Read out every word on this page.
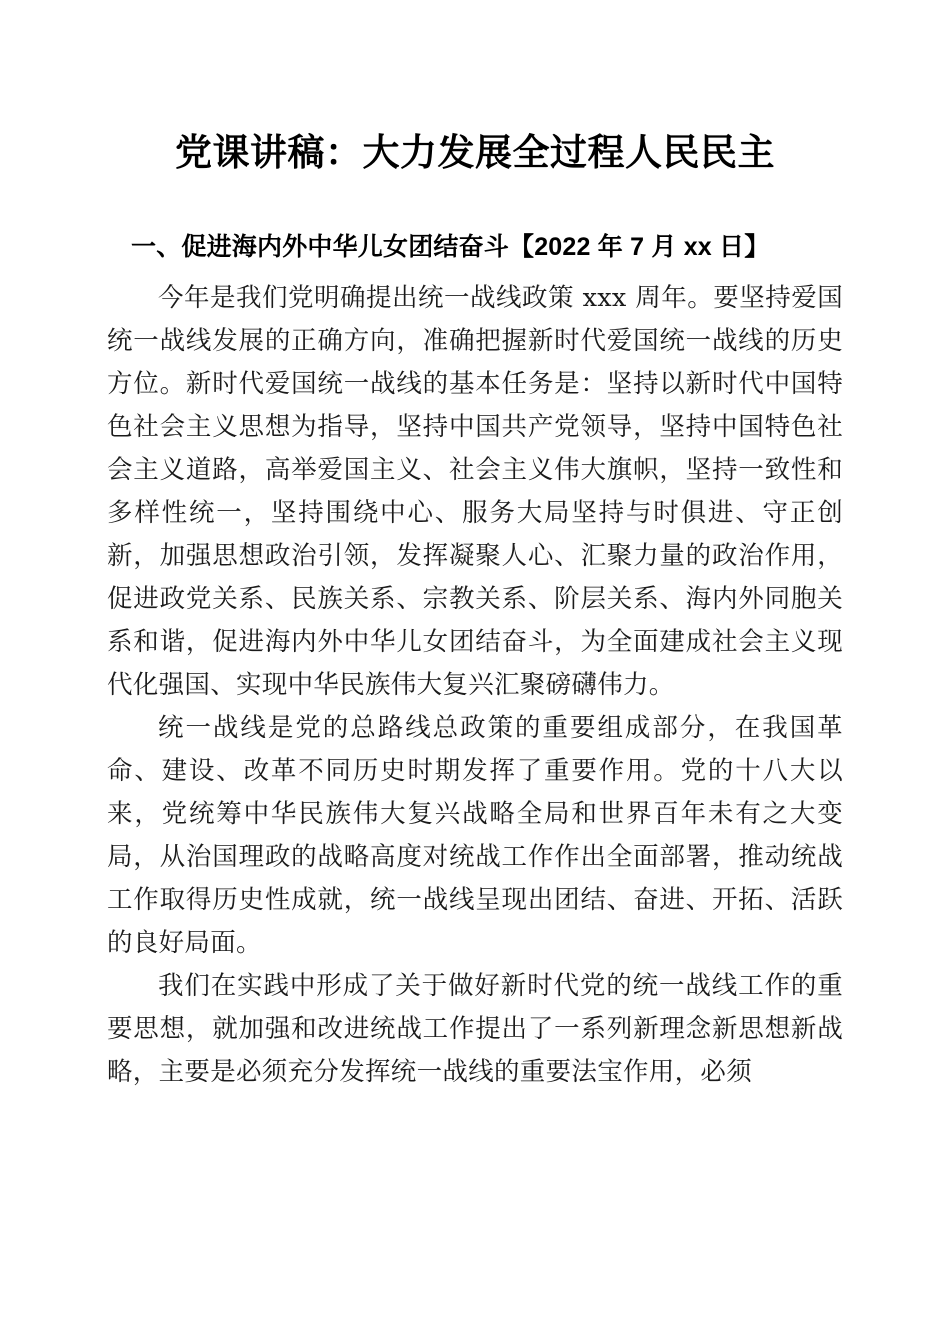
党课讲稿：大力发展全过程人民民主
一、促进海内外中华儿女团结奋斗【2022 年 7 月 xx 日】

今年是我们党明确提出统一战线政策 xxx 周年。要坚持爱国统一战线发展的正确方向，准确把握新时代爱国统一战线的历史方位。新时代爱国统一战线的基本任务是：坚持以新时代中国特色社会主义思想为指导，坚持中国共产党领导，坚持中国特色社会主义道路，高举爱国主义、社会主义伟大旗帜，坚持一致性和多样性统一，坚持围绕中心、服务大局坚持与时俱进、守正创新，加强思想政治引领，发挥凝聚人心、汇聚力量的政治作用，促进政党关系、民族关系、宗教关系、阶层关系、海内外同胞关系和谐，促进海内外中华儿女团结奋斗，为全面建成社会主义现代化强国、实现中华民族伟大复兴汇聚磅礴伟力。

统一战线是党的总路线总政策的重要组成部分，在我国革命、建设、改革不同历史时期发挥了重要作用。党的十八大以来，党统筹中华民族伟大复兴战略全局和世界百年未有之大变局，从治国理政的战略高度对统战工作作出全面部署，推动统战工作取得历史性成就，统一战线呈现出团结、奋进、开拓、活跃的良好局面。

我们在实践中形成了关于做好新时代党的统一战线工作的重要思想，就加强和改进统战工作提出了一系列新理念新思想新战略，主要是必须充分发挥统一战线的重要法宝作用，必须
